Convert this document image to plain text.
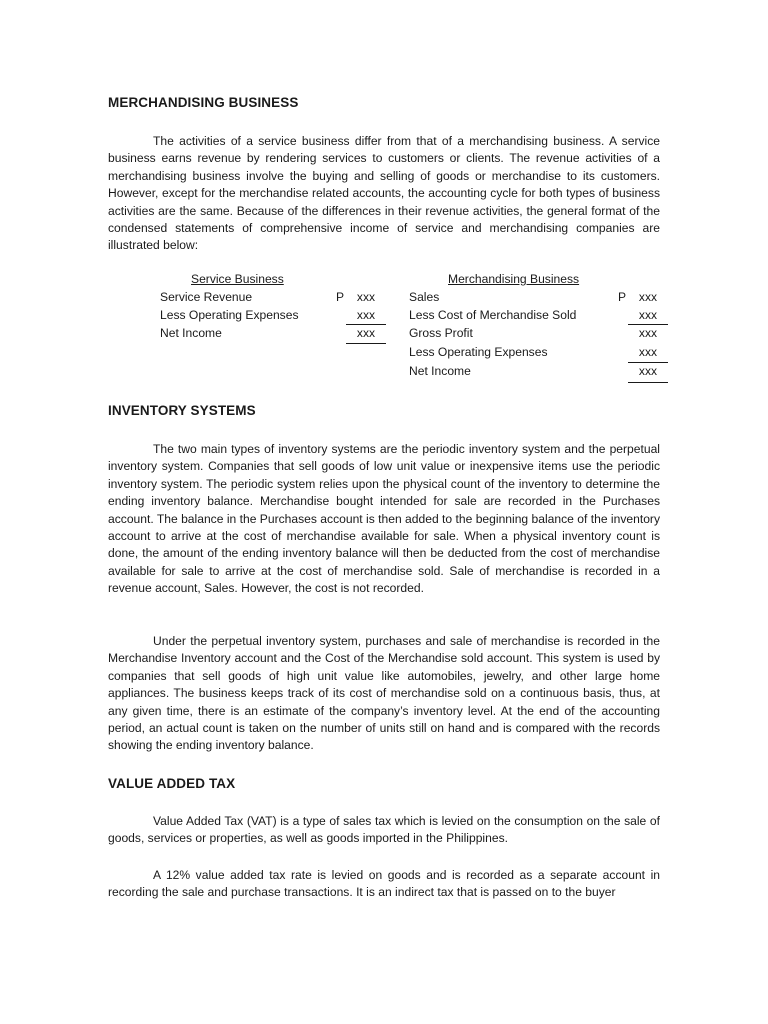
MERCHANDISING BUSINESS

The activities of a service business differ from that of a merchandising business. A service business earns revenue by rendering services to customers or clients. The revenue activities of a merchandising business involve the buying and selling of goods or merchandise to its customers. However, except for the merchandise related accounts, the accounting cycle for both types of business activities are the same. Because of the differences in their revenue activities, the general format of the condensed statements of comprehensive income of service and merchandising companies are illustrated below:

Service Business
Service Revenue	P	xxx
Less Operating Expenses	xxx
Net Income	xxx
Merchandising Business
Sales	P	xxx
Less Cost of Merchandise Sold	xxx
Gross Profit	xxx
Less Operating Expenses	xxx
Net Income	xxx
INVENTORY SYSTEMS

The two main types of inventory systems are the periodic inventory system and the perpetual inventory system. Companies that sell goods of low unit value or inexpensive items use the periodic inventory system. The periodic system relies upon the physical count of the inventory to determine the ending inventory balance. Merchandise bought intended for sale are recorded in the Purchases account. The balance in the Purchases account is then added to the beginning balance of the inventory account to arrive at the cost of merchandise available for sale. When a physical inventory count is done, the amount of the ending inventory balance will then be deducted from the cost of merchandise available for sale to arrive at the cost of merchandise sold. Sale of merchandise is recorded in a revenue account, Sales. However, the cost is not recorded.

Under the perpetual inventory system, purchases and sale of merchandise is recorded in the Merchandise Inventory account and the Cost of the Merchandise sold account. This system is used by companies that sell goods of high unit value like automobiles, jewelry, and other large home appliances. The business keeps track of its cost of merchandise sold on a continuous basis, thus, at any given time, there is an estimate of the company’s inventory level. At the end of the accounting period, an actual count is taken on the number of units still on hand and is compared with the records showing the ending inventory balance.

VALUE ADDED TAX

Value Added Tax (VAT) is a type of sales tax which is levied on the consumption on the sale of goods, services or properties, as well as goods imported in the Philippines.

A 12% value added tax rate is levied on goods and is recorded as a separate account in recording the sale and purchase transactions. It is an indirect tax that is passed on to the buyer
